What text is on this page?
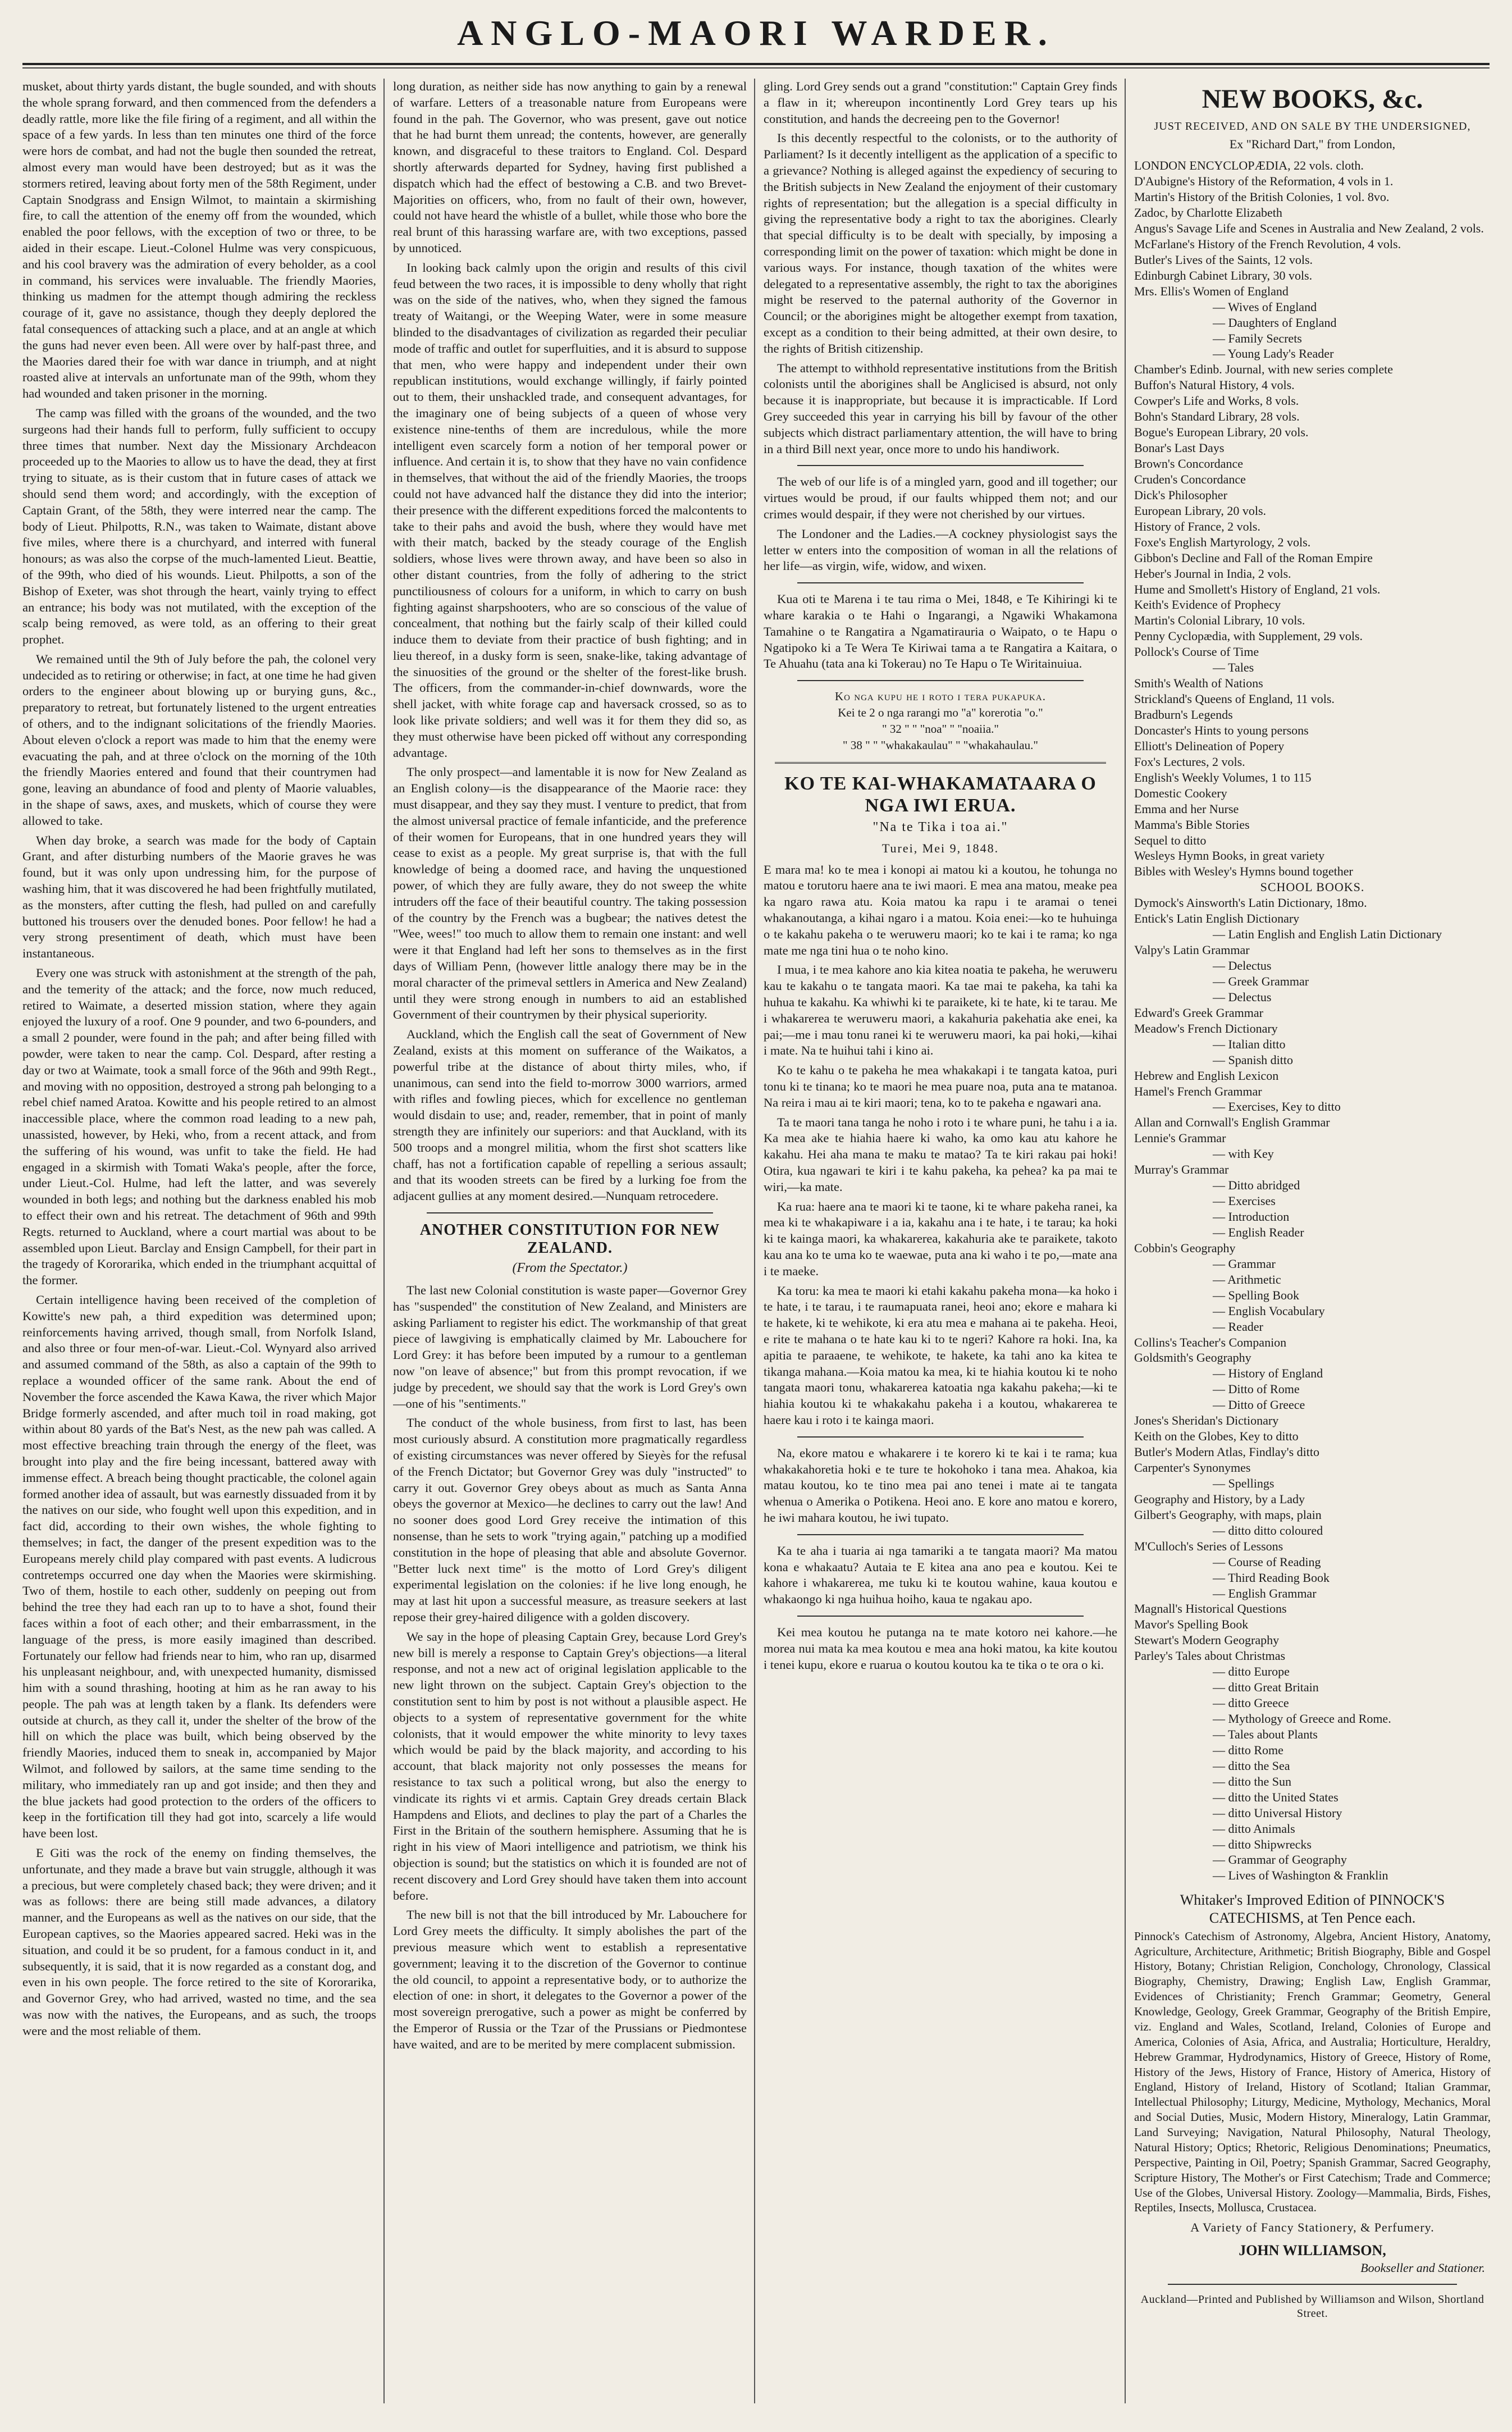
ANGLO-MAORI WARDER.

musket, about thirty yards distant, the bugle sounded, and with shouts the whole sprang forward, and then commenced from the defenders a deadly rattle, more like the file firing of a regiment, and all within the space of a few yards. In less than ten minutes one third of the force were hors de combat, and had not the bugle then sounded the retreat, almost every man would have been destroyed; but as it was the stormers retired, leaving about forty men of the 58th Regiment, under Captain Snodgrass and Ensign Wilmot, to maintain a skirmishing fire, to call the attention of the enemy off from the wounded, which enabled the poor fellows, with the exception of two or three, to be aided in their escape. Lieut.-Colonel Hulme was very conspicuous, and his cool bravery was the admiration of every beholder, as a cool in command, his services were invaluable. The friendly Maories, thinking us madmen for the attempt though admiring the reckless courage of it, gave no assistance, though they deeply deplored the fatal consequences of attacking such a place, and at an angle at which the guns had never even been. All were over by half-past three, and the Maories dared their foe with war dance in triumph, and at night roasted alive at intervals an unfortunate man of the 99th, whom they had wounded and taken prisoner in the morning.

The camp was filled with the groans of the wounded, and the two surgeons had their hands full to perform, fully sufficient to occupy three times that number. Next day the Missionary Archdeacon proceeded up to the Maories to allow us to have the dead, they at first trying to situate, as is their custom that in future cases of attack we should send them word; and accordingly, with the exception of Captain Grant, of the 58th, they were interred near the camp. The body of Lieut. Philpotts, R.N., was taken to Waimate, distant above five miles, where there is a churchyard, and interred with funeral honours; as was also the corpse of the much-lamented Lieut. Beattie, of the 99th, who died of his wounds. Lieut. Philpotts, a son of the Bishop of Exeter, was shot through the heart, vainly trying to effect an entrance; his body was not mutilated, with the exception of the scalp being removed, as were told, as an offering to their great prophet.

We remained until the 9th of July before the pah, the colonel very undecided as to retiring or otherwise; in fact, at one time he had given orders to the engineer about blowing up or burying guns, &c., preparatory to retreat, but fortunately listened to the urgent entreaties of others, and to the indignant solicitations of the friendly Maories. About eleven o'clock a report was made to him that the enemy were evacuating the pah, and at three o'clock on the morning of the 10th the friendly Maories entered and found that their countrymen had gone, leaving an abundance of food and plenty of Maorie valuables, in the shape of saws, axes, and muskets, which of course they were allowed to take.

When day broke, a search was made for the body of Captain Grant, and after disturbing numbers of the Maorie graves he was found, but it was only upon undressing him, for the purpose of washing him, that it was discovered he had been frightfully mutilated, as the monsters, after cutting the flesh, had pulled on and carefully buttoned his trousers over the denuded bones. Poor fellow! he had a very strong presentiment of death, which must have been instantaneous.

Every one was struck with astonishment at the strength of the pah, and the temerity of the attack; and the force, now much reduced, retired to Waimate, a deserted mission station, where they again enjoyed the luxury of a roof. One 9 pounder, and two 6-pounders, and a small 2 pounder, were found in the pah; and after being filled with powder, were taken to near the camp. Col. Despard, after resting a day or two at Waimate, took a small force of the 96th and 99th Regt., and moving with no opposition, destroyed a strong pah belonging to a rebel chief named Aratoa. Kowitte and his people retired to an almost inaccessible place, where the common road leading to a new pah, unassisted, however, by Heki, who, from a recent attack, and from the suffering of his wound, was unfit to take the field. He had engaged in a skirmish with Tomati Waka's people, after the force, under Lieut.-Col. Hulme, had left the latter, and was severely wounded in both legs; and nothing but the darkness enabled his mob to effect their own and his retreat. The detachment of 96th and 99th Regts. returned to Auckland, where a court martial was about to be assembled upon Lieut. Barclay and Ensign Campbell, for their part in the tragedy of Kororarika, which ended in the triumphant acquittal of the former.

Certain intelligence having been received of the completion of Kowitte's new pah, a third expedition was determined upon; reinforcements having arrived, though small, from Norfolk Island, and also three or four men-of-war. Lieut.-Col. Wynyard also arrived and assumed command of the 58th, as also a captain of the 99th to replace a wounded officer of the same rank. About the end of November the force ascended the Kawa Kawa, the river which Major Bridge formerly ascended, and after much toil in road making, got within about 80 yards of the Bat's Nest, as the new pah was called. A most effective breaching train through the energy of the fleet, was brought into play and the fire being incessant, battered away with immense effect. A breach being thought practicable, the colonel again formed another idea of assault, but was earnestly dissuaded from it by the natives on our side, who fought well upon this expedition, and in fact did, according to their own wishes, the whole fighting to themselves; in fact, the danger of the present expedition was to the Europeans merely child play compared with past events. A ludicrous contretemps occurred one day when the Maories were skirmishing. Two of them, hostile to each other, suddenly on peeping out from behind the tree they had each ran up to to have a shot, found their faces within a foot of each other; and their embarrassment, in the language of the press, is more easily imagined than described. Fortunately our fellow had friends near to him, who ran up, disarmed his unpleasant neighbour, and, with unexpected humanity, dismissed him with a sound thrashing, hooting at him as he ran away to his people. The pah was at length taken by a flank. Its defenders were outside at church, as they call it, under the shelter of the brow of the hill on which the place was built, which being observed by the friendly Maories, induced them to sneak in, accompanied by Major Wilmot, and followed by sailors, at the same time sending to the military, who immediately ran up and got inside; and then they and the blue jackets had good protection to the orders of the officers to keep in the fortification till they had got into, scarcely a life would have been lost.

E Giti was the rock of the enemy on finding themselves, the unfortunate, and they made a brave but vain struggle, although it was a precious, but were completely chased back; they were driven; and it was as follows: there are being still made advances, a dilatory manner, and the Europeans as well as the natives on our side, that the European captives, so the Maories appeared sacred. Heki was in the situation, and could it be so prudent, for a famous conduct in it, and subsequently, it is said, that it is now regarded as a constant dog, and even in his own people. The force retired to the site of Kororarika, and Governor Grey, who had arrived, wasted no time, and the sea was now with the natives, the Europeans, and as such, the troops were and the most reliable of them.

long duration, as neither side has now anything to gain by a renewal of warfare. Letters of a treasonable nature from Europeans were found in the pah. The Governor, who was present, gave out notice that he had burnt them unread; the contents, however, are generally known, and disgraceful to these traitors to England. Col. Despard shortly afterwards departed for Sydney, having first published a dispatch which had the effect of bestowing a C.B. and two Brevet-Majorities on officers, who, from no fault of their own, however, could not have heard the whistle of a bullet, while those who bore the real brunt of this harassing warfare are, with two exceptions, passed by unnoticed.

In looking back calmly upon the origin and results of this civil feud between the two races, it is impossible to deny wholly that right was on the side of the natives, who, when they signed the famous treaty of Waitangi, or the Weeping Water, were in some measure blinded to the disadvantages of civilization as regarded their peculiar mode of traffic and outlet for superfluities, and it is absurd to suppose that men, who were happy and independent under their own republican institutions, would exchange willingly, if fairly pointed out to them, their unshackled trade, and consequent advantages, for the imaginary one of being subjects of a queen of whose very existence nine-tenths of them are incredulous, while the more intelligent even scarcely form a notion of her temporal power or influence. And certain it is, to show that they have no vain confidence in themselves, that without the aid of the friendly Maories, the troops could not have advanced half the distance they did into the interior; their presence with the different expeditions forced the malcontents to take to their pahs and avoid the bush, where they would have met with their match, backed by the steady courage of the English soldiers, whose lives were thrown away, and have been so also in other distant countries, from the folly of adhering to the strict punctiliousness of colours for a uniform, in which to carry on bush fighting against sharpshooters, who are so conscious of the value of concealment, that nothing but the fairly scalp of their killed could induce them to deviate from their practice of bush fighting; and in lieu thereof, in a dusky form is seen, snake-like, taking advantage of the sinuosities of the ground or the shelter of the forest-like brush. The officers, from the commander-in-chief downwards, wore the shell jacket, with white forage cap and haversack crossed, so as to look like private soldiers; and well was it for them they did so, as they must otherwise have been picked off without any corresponding advantage.

The only prospect—and lamentable it is now for New Zealand as an English colony—is the disappearance of the Maorie race: they must disappear, and they say they must. I venture to predict, that from the almost universal practice of female infanticide, and the preference of their women for Europeans, that in one hundred years they will cease to exist as a people. My great surprise is, that with the full knowledge of being a doomed race, and having the unquestioned power, of which they are fully aware, they do not sweep the white intruders off the face of their beautiful country. The taking possession of the country by the French was a bugbear; the natives detest the "Wee, wees!" too much to allow them to remain one instant: and well were it that England had left her sons to themselves as in the first days of William Penn, (however little analogy there may be in the moral character of the primeval settlers in America and New Zealand) until they were strong enough in numbers to aid an established Government of their countrymen by their physical superiority.

Auckland, which the English call the seat of Government of New Zealand, exists at this moment on sufferance of the Waikatos, a powerful tribe at the distance of about thirty miles, who, if unanimous, can send into the field to-morrow 3000 warriors, armed with rifles and fowling pieces, which for excellence no gentleman would disdain to use; and, reader, remember, that in point of manly strength they are infinitely our superiors: and that Auckland, with its 500 troops and a mongrel militia, whom the first shot scatters like chaff, has not a fortification capable of repelling a serious assault; and that its wooden streets can be fired by a lurking foe from the adjacent gullies at any moment desired.—Nunquam retrocedere.

ANOTHER CONSTITUTION FOR NEW ZEALAND.
(From the Spectator.)

The last new Colonial constitution is waste paper—Governor Grey has "suspended" the constitution of New Zealand, and Ministers are asking Parliament to register his edict. The workmanship of that great piece of lawgiving is emphatically claimed by Mr. Labouchere for Lord Grey: it has before been imputed by a rumour to a gentleman now "on leave of absence;" but from this prompt revocation, if we judge by precedent, we should say that the work is Lord Grey's own—one of his "sentiments."

The conduct of the whole business, from first to last, has been most curiously absurd. A constitution more pragmatically regardless of existing circumstances was never offered by Sieyès for the refusal of the French Dictator; but Governor Grey was duly "instructed" to carry it out. Governor Grey obeys about as much as Santa Anna obeys the governor at Mexico—he declines to carry out the law! And no sooner does good Lord Grey receive the intimation of this nonsense, than he sets to work "trying again," patching up a modified constitution in the hope of pleasing that able and absolute Governor. "Better luck next time" is the motto of Lord Grey's diligent experimental legislation on the colonies: if he live long enough, he may at last hit upon a successful measure, as treasure seekers at last repose their grey-haired diligence with a golden discovery.

We say in the hope of pleasing Captain Grey, because Lord Grey's new bill is merely a response to Captain Grey's objections—a literal response, and not a new act of original legislation applicable to the new light thrown on the subject. Captain Grey's objection to the constitution sent to him by post is not without a plausible aspect. He objects to a system of representative government for the white colonists, that it would empower the white minority to levy taxes which would be paid by the black majority, and according to his account, that black majority not only possesses the means for resistance to tax such a political wrong, but also the energy to vindicate its rights vi et armis. Captain Grey dreads certain Black Hampdens and Eliots, and declines to play the part of a Charles the First in the Britain of the southern hemisphere. Assuming that he is right in his view of Maori intelligence and patriotism, we think his objection is sound; but the statistics on which it is founded are not of recent discovery and Lord Grey should have taken them into account before.

The new bill is not that the bill introduced by Mr. Labouchere for Lord Grey meets the difficulty. It simply abolishes the part of the previous measure which went to establish a representative government; leaving it to the discretion of the Governor to continue the old council, to appoint a representative body, or to authorize the election of one: in short, it delegates to the Governor a power of the most sovereign prerogative, such a power as might be conferred by the Emperor of Russia or the Tzar of the Prussians or Piedmontese have waited, and are to be merited by mere complacent submission.

gling. Lord Grey sends out a grand "constitution:" Captain Grey finds a flaw in it; whereupon incontinently Lord Grey tears up his constitution, and hands the decreeing pen to the Governor!

Is this decently respectful to the colonists, or to the authority of Parliament? Is it decently intelligent as the application of a specific to a grievance? Nothing is alleged against the expediency of securing to the British subjects in New Zealand the enjoyment of their customary rights of representation; but the allegation is a special difficulty in giving the representative body a right to tax the aborigines. Clearly that special difficulty is to be dealt with specially, by imposing a corresponding limit on the power of taxation: which might be done in various ways. For instance, though taxation of the whites were delegated to a representative assembly, the right to tax the aborigines might be reserved to the paternal authority of the Governor in Council; or the aborigines might be altogether exempt from taxation, except as a condition to their being admitted, at their own desire, to the rights of British citizenship.

The attempt to withhold representative institutions from the British colonists until the aborigines shall be Anglicised is absurd, not only because it is inappropriate, but because it is impracticable. If Lord Grey succeeded this year in carrying his bill by favour of the other subjects which distract parliamentary attention, the will have to bring in a third Bill next year, once more to undo his handiwork.

The web of our life is of a mingled yarn, good and ill together; our virtues would be proud, if our faults whipped them not; and our crimes would despair, if they were not cherished by our virtues.

The Londoner and the Ladies.—A cockney physiologist says the letter w enters into the composition of woman in all the relations of her life—as virgin, wife, widow, and wixen.

Kua oti te Marena i te tau rima o Mei, 1848, e Te Kihiringi ki te whare karakia o te Hahi o Ingarangi, a Ngawiki Whakamona Tamahine o te Rangatira a Ngamatirauria o Waipato, o te Hapu o Ngatipoko ki a Te Wera Te Kiriwai tama a te Rangatira a Kaitara, o Te Ahuahu (tata ana ki Tokerau) no Te Hapu o Te Wiritainuiua.

Ko nga kupu he i roto i tera pukapuka.
Kei te 2 o nga rarangi mo "a" korerotia "o."
" 32 " " "noa" " "noaiia."
" 38 " " "whakakaulau" " "whakahaulau."
KO TE KAI-WHAKAMATAARA O NGA IWI ERUA.
"Na te Tika i toa ai."
Turei, Mei 9, 1848.

E mara ma! ko te mea i konopi ai matou ki a koutou, he tohunga no matou e torutoru haere ana te iwi maori. E mea ana matou, meake pea ka ngaro rawa atu. Koia matou ka rapu i te aramai o tenei whakanoutanga, a kihai ngaro i a matou. Koia enei:—ko te huhuinga o te kakahu pakeha o te weruweru maori; ko te kai i te rama; ko nga mate me nga tini hua o te noho kino.

I mua, i te mea kahore ano kia kitea noatia te pakeha, he weruweru kau te kakahu o te tangata maori. Ka tae mai te pakeha, ka tahi ka huhua te kakahu. Ka whiwhi ki te paraikete, ki te hate, ki te tarau. Me i whakarerea te weruweru maori, a kakahuria pakehatia ake enei, ka pai;—me i mau tonu ranei ki te weruweru maori, ka pai hoki,—kihai i mate. Na te huihui tahi i kino ai.

Ko te kahu o te pakeha he mea whakakapi i te tangata katoa, puri tonu ki te tinana; ko te maori he mea puare noa, puta ana te matanoa. Na reira i mau ai te kiri maori; tena, ko to te pakeha e ngawari ana.

Ta te maori tana tanga he noho i roto i te whare puni, he tahu i a ia. Ka mea ake te hiahia haere ki waho, ka omo kau atu kahore he kakahu. Hei aha mana te maku te matao? Ta te kiri rakau pai hoki! Otira, kua ngawari te kiri i te kahu pakeha, ka peheа? ka pa mai te wiri,—ka mate.

Ka rua: haere ana te maori ki te taone, ki te whare pakeha ranei, ka mea ki te whakapiware i a ia, kakahu ana i te hate, i te tarau; ka hoki ki te kainga maori, ka whakarerea, kakahuria ake te paraikete, takoto kau ana ko te uma ko te waewae, puta ana ki waho i te po,—mate ana i te maeke.

Ka toru: ka mea te maori ki etahi kakahu pakeha mona—ka hoko i te hate, i te tarau, i te raumapuata ranei, heoi ano; ekore e mahara ki te hakete, ki te wehikote, ki era atu mea e mahana ai te pakeha. Heoi, e rite te mahana o te hate kau ki to te ngeri? Kahore ra hoki. Ina, ka apitia te paraaene, te wehikote, te hakete, ka tahi ano ka kitea te tikanga mahana.—Koia matou ka mea, ki te hiahia koutou ki te noho tangata maori tonu, whakarerea katoatia nga kakahu pakeha;—ki te hiahia koutou ki te whakakahu pakeha i a koutou, whakarerea te haere kau i roto i te kainga maori.

Na, ekore matou e whakarere i te korero ki te kai i te rama; kua whakakahoretia hoki e te ture te hokohoko i tana mea. Ahakoa, kia matau koutou, ko te tino mea pai ano tenei i mate ai te tangata whenua o Amerika o Potikena. Heoi ano. E kore ano matou e korero, he iwi mahara koutou, he iwi tupato.

Ka te aha i tuaria ai nga tamariki a te tangata maori? Ma matou kona e whakaatu? Autaia te E kitea ana ano pea e koutou. Kei te kahore i whakarerea, me tuku ki te koutou wahine, kaua koutou e whakaongo ki nga huihua hoiho, kaua te ngakau apo.

Kei mea koutou he putanga na te mate kotoro nei kahore.—he morea nui mata ka mea koutou e mea ana hoki matou, ka kite koutou i tenei kupu, ekore e ruarua o koutou koutou ka te tika o te ora o ki.

NEW BOOKS, &c.
JUST RECEIVED, AND ON SALE BY THE UNDERSIGNED,
Ex "Richard Dart," from London,
LONDON ENCYCLOPÆDIA, 22 vols. cloth.
D'Aubigne's History of the Reformation, 4 vols in 1.
Martin's History of the British Colonies, 1 vol. 8vo.
Zadoc, by Charlotte Elizabeth
Angus's Savage Life and Scenes in Australia and New Zealand, 2 vols.
McFarlane's History of the French Revolution, 4 vols.
Butler's Lives of the Saints, 12 vols.
Edinburgh Cabinet Library, 30 vols.
Mrs. Ellis's Women of England
— Wives of England
— Daughters of England
— Family Secrets
— Young Lady's Reader
Chamber's Edinb. Journal, with new series complete
Buffon's Natural History, 4 vols.
Cowper's Life and Works, 8 vols.
Bohn's Standard Library, 28 vols.
Bogue's European Library, 20 vols.
Bonar's Last Days
Brown's Concordance
Cruden's Concordance
Dick's Philosopher
European Library, 20 vols.
History of France, 2 vols.
Foxe's English Martyrology, 2 vols.
Gibbon's Decline and Fall of the Roman Empire
Heber's Journal in India, 2 vols.
Hume and Smollett's History of England, 21 vols.
Keith's Evidence of Prophecy
Martin's Colonial Library, 10 vols.
Penny Cyclopædia, with Supplement, 29 vols.
Pollock's Course of Time
— Tales
Smith's Wealth of Nations
Strickland's Queens of England, 11 vols.
Bradburn's Legends
Doncaster's Hints to young persons
Elliott's Delineation of Popery
Fox's Lectures, 2 vols.
English's Weekly Volumes, 1 to 115
Domestic Cookery
Emma and her Nurse
Mamma's Bible Stories
Sequel to ditto
Wesleys Hymn Books, in great variety
Bibles with Wesley's Hymns bound together
SCHOOL BOOKS.
Dymock's Ainsworth's Latin Dictionary, 18mo.
Entick's Latin English Dictionary
— Latin English and English Latin Dictionary
Valpy's Latin Grammar
— Delectus
— Greek Grammar
— Delectus
Edward's Greek Grammar
Meadow's French Dictionary
— Italian ditto
— Spanish ditto
Hebrew and English Lexicon
Hamel's French Grammar
— Exercises, Key to ditto
Allan and Cornwall's English Grammar
Lennie's Grammar
— with Key
Murray's Grammar
— Ditto abridged
— Exercises
— Introduction
— English Reader
Cobbin's Geography
— Grammar
— Arithmetic
— Spelling Book
— English Vocabulary
— Reader
Collins's Teacher's Companion
Goldsmith's Geography
— History of England
— Ditto of Rome
— Ditto of Greece
Jones's Sheridan's Dictionary
Keith on the Globes, Key to ditto
Butler's Modern Atlas, Findlay's ditto
Carpenter's Synonymes
— Spellings
Geography and History, by a Lady
Gilbert's Geography, with maps, plain
— ditto ditto coloured
M'Culloch's Series of Lessons
— Course of Reading
— Third Reading Book
— English Grammar
Magnall's Historical Questions
Mavor's Spelling Book
Stewart's Modern Geography
Parley's Tales about Christmas
— ditto Europe
— ditto Great Britain
— ditto Greece
— Mythology of Greece and Rome.
— Tales about Plants
— ditto Rome
— ditto the Sea
— ditto the Sun
— ditto the United States
— ditto Universal History
— ditto Animals
— ditto Shipwrecks
— Grammar of Geography
— Lives of Washington & Franklin
Whitaker's Improved Edition of PINNOCK'S CATECHISMS, at Ten Pence each.

Pinnock's Catechism of Astronomy, Algebra, Ancient History, Anatomy, Agriculture, Architecture, Arithmetic; British Biography, Bible and Gospel History, Botany; Christian Religion, Conchology, Chronology, Classical Biography, Chemistry, Drawing; English Law, English Grammar, Evidences of Christianity; French Grammar; Geometry, General Knowledge, Geology, Greek Grammar, Geography of the British Empire, viz. England and Wales, Scotland, Ireland, Colonies of Europe and America, Colonies of Asia, Africa, and Australia; Horticulture, Heraldry, Hebrew Grammar, Hydrodynamics, History of Greece, History of Rome, History of the Jews, History of France, History of America, History of England, History of Ireland, History of Scotland; Italian Grammar, Intellectual Philosophy; Liturgy, Medicine, Mythology, Mechanics, Moral and Social Duties, Music, Modern History, Mineralogy, Latin Grammar, Land Surveying; Navigation, Natural Philosophy, Natural Theology, Natural History; Optics; Rhetoric, Religious Denominations; Pneumatics, Perspective, Painting in Oil, Poetry; Spanish Grammar, Sacred Geography, Scripture History, The Mother's or First Catechism; Trade and Commerce; Use of the Globes, Universal History. Zoology—Mammalia, Birds, Fishes, Reptiles, Insects, Mollusca, Crustacea.

A Variety of Fancy Stationery, & Perfumery.
JOHN WILLIAMSON,
Bookseller and Stationer.
Auckland—Printed and Published by Williamson and Wilson, Shortland Street.
